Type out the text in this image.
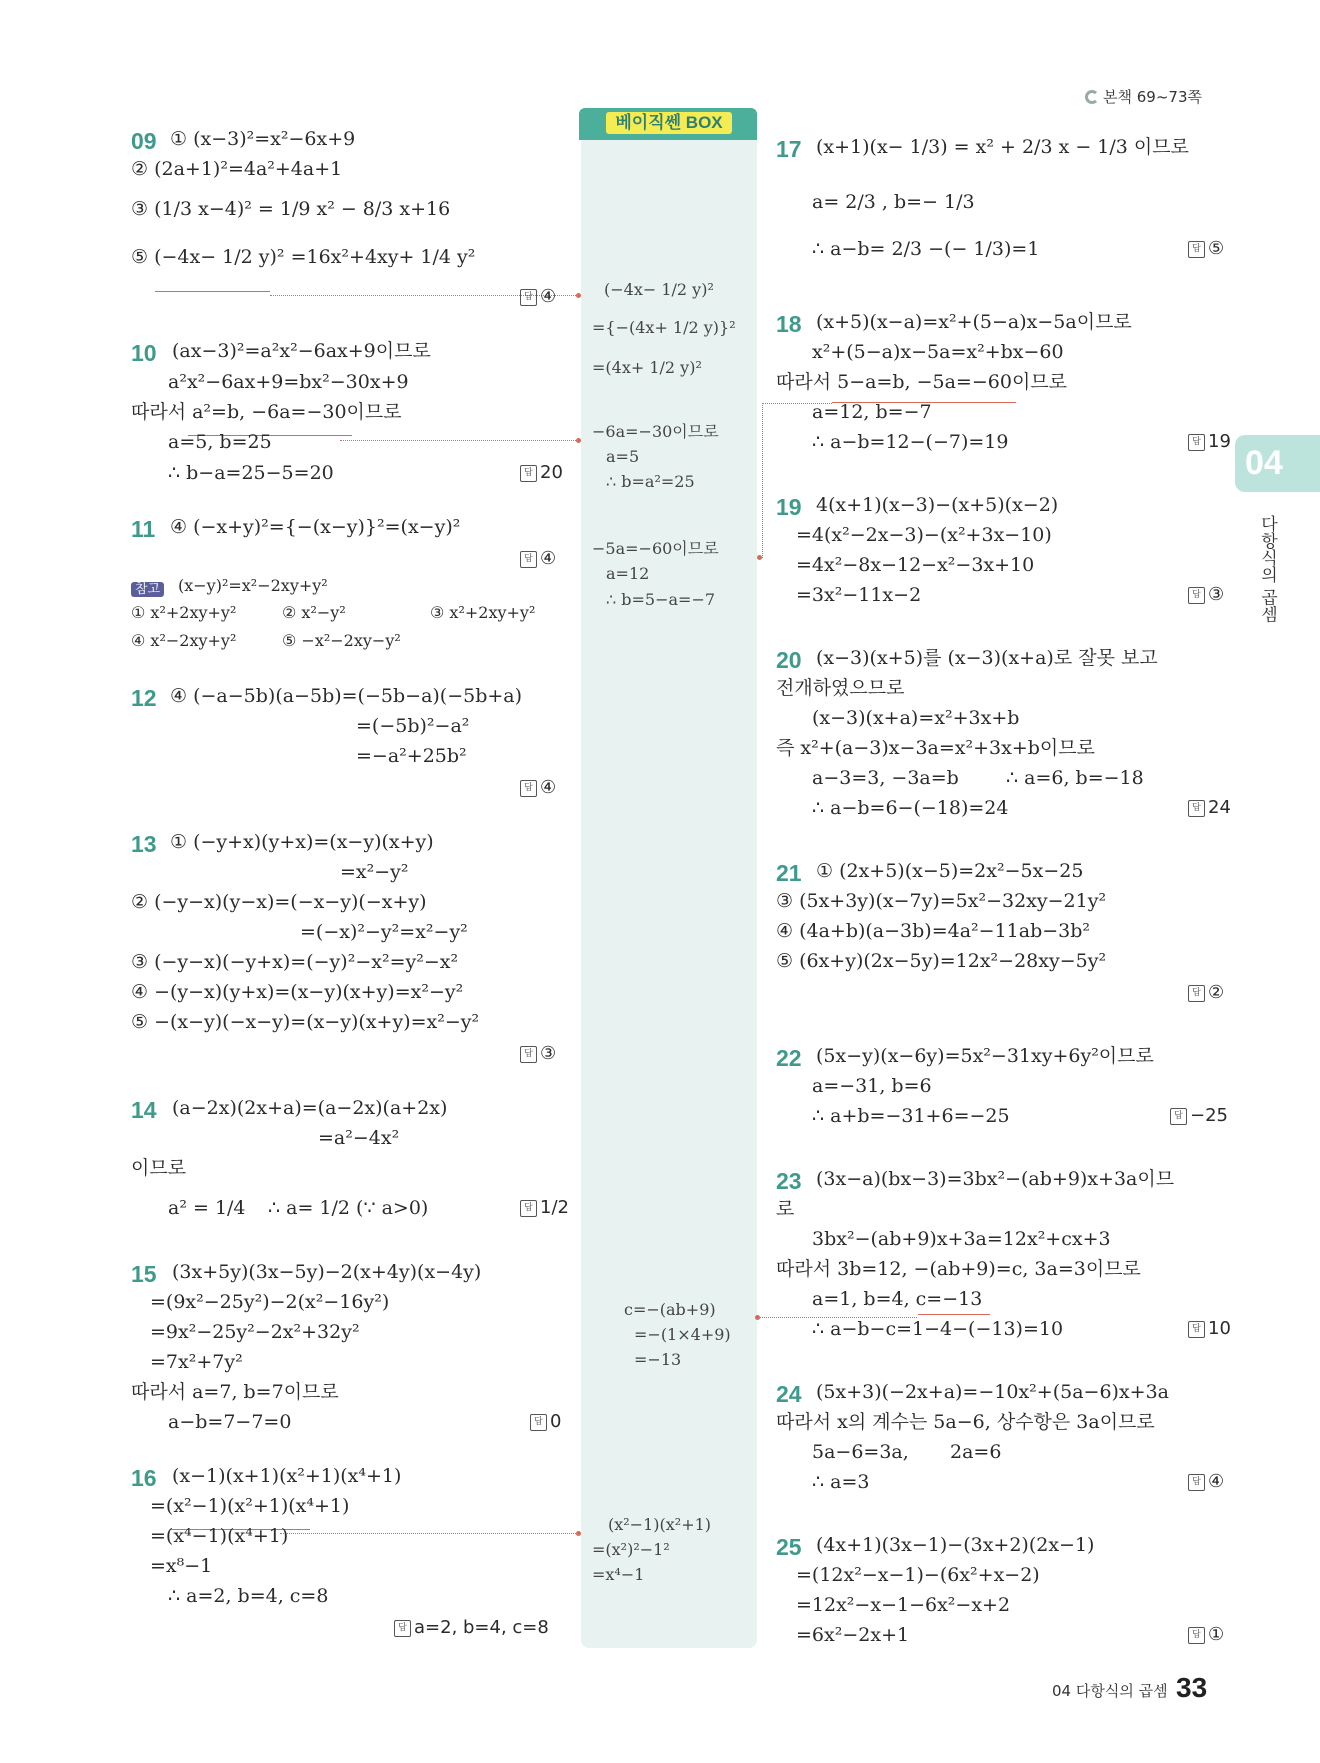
본책 69~73쪽
베이직쎈 BOX
04
다항식의 곱셈
09 ① (x−3)²=x²−6x+9
② (2a+1)²=4a²+4a+1
③ (1/3 x−4)² = 1/9 x² − 8/3 x+16
⑤ (−4x− 1/2 y)² =16x²+4xy+ 1/4 y²
답 ④
10 (ax−3)²=a²x²−6ax+9이므로
a²x²−6ax+9=bx²−30x+9
따라서 a²=b, −6a=−30이므로
a=5, b=25
∴ b−a=25−5=20	답 20
11 ④ (−x+y)²={−(x−y)}²=(x−y)²
답 ④
(x−y)²=x²−2xy+y²
① x²+2xy+y²	② x²−y²	③ x²+2xy+y²
④ x²−2xy+y²	⑤ −x²−2xy−y²
12 ④ (−a−5b)(a−5b)=(−5b−a)(−5b+a)
=(−5b)²−a²
=−a²+25b²
답 ④
13 ① (−y+x)(y+x)=(x−y)(x+y)
=x²−y²
② (−y−x)(y−x)=(−x−y)(−x+y)
=(−x)²−y²=x²−y²
③ (−y−x)(−y+x)=(−y)²−x²=y²−x²
④ −(y−x)(y+x)=(x−y)(x+y)=x²−y²
⑤ −(x−y)(−x−y)=(x−y)(x+y)=x²−y²
답 ③
14 (a−2x)(2x+a)=(a−2x)(a+2x)
=a²−4x²
이므로
a² = 1/4 ∴ a= 1/2 (∵ a>0)	답 1/2
15 (3x+5y)(3x−5y)−2(x+4y)(x−4y)
=(9x²−25y²)−2(x²−16y²)
=9x²−25y²−2x²+32y²
=7x²+7y²
따라서 a=7, b=7이므로
a−b=7−7=0	답 0
16 (x−1)(x+1)(x²+1)(x⁴+1)
=(x²−1)(x²+1)(x⁴+1)
=(x⁴−1)(x⁴+1)
=x⁸−1
∴ a=2, b=4, c=8
답 a=2, b=4, c=8
(−4x− 1/2 y)²
={−(4x+ 1/2 y)}²
=(4x+ 1/2 y)²
−6a=−30이므로
a=5
∴ b=a²=25
−5a=−60이므로
a=12
∴ b=5−a=−7
c=−(ab+9)
=−(1×4+9)
=−13
(x²−1)(x²+1)
=(x²)²−1²
=x⁴−1
17 (x+1)(x− 1/3) = x² + 2/3 x − 1/3 이므로
a= 2/3 , b=− 1/3
∴ a−b= 2/3 −(− 1/3)=1	답 ⑤
18 (x+5)(x−a)=x²+(5−a)x−5a이므로
x²+(5−a)x−5a=x²+bx−60
따라서 5−a=b, −5a=−60이므로
a=12, b=−7
∴ a−b=12−(−7)=19	답 19
19 4(x+1)(x−3)−(x+5)(x−2)
=4(x²−2x−3)−(x²+3x−10)
=4x²−8x−12−x²−3x+10
=3x²−11x−2	답 ③
20 (x−3)(x+5)를 (x−3)(x+a)로 잘못 보고
전개하였으므로
(x−3)(x+a)=x²+3x+b
즉 x²+(a−3)x−3a=x²+3x+b이므로
a−3=3, −3a=b ∴ a=6, b=−18
∴ a−b=6−(−18)=24	답 24
21 ① (2x+5)(x−5)=2x²−5x−25
③ (5x+3y)(x−7y)=5x²−32xy−21y²
④ (4a+b)(a−3b)=4a²−11ab−3b²
⑤ (6x+y)(2x−5y)=12x²−28xy−5y²
답 ②
22 (5x−y)(x−6y)=5x²−31xy+6y²이므로
a=−31, b=6
∴ a+b=−31+6=−25	답 −25
23 (3x−a)(bx−3)=3bx²−(ab+9)x+3a이므
로
3bx²−(ab+9)x+3a=12x²+cx+3
따라서 3b=12, −(ab+9)=c, 3a=3이므로
a=1, b=4, c=−13
∴ a−b−c=1−4−(−13)=10	답 10
24 (5x+3)(−2x+a)=−10x²+(5a−6)x+3a
따라서 x의 계수는 5a−6, 상수항은 3a이므로
5a−6=3a, 2a=6
∴ a=3	답 ④
25 (4x+1)(3x−1)−(3x+2)(2x−1)
=(12x²−x−1)−(6x²+x−2)
=12x²−x−1−6x²−x+2
=6x²−2x+1	답 ①
04 다항식의 곱셈 33
참고
